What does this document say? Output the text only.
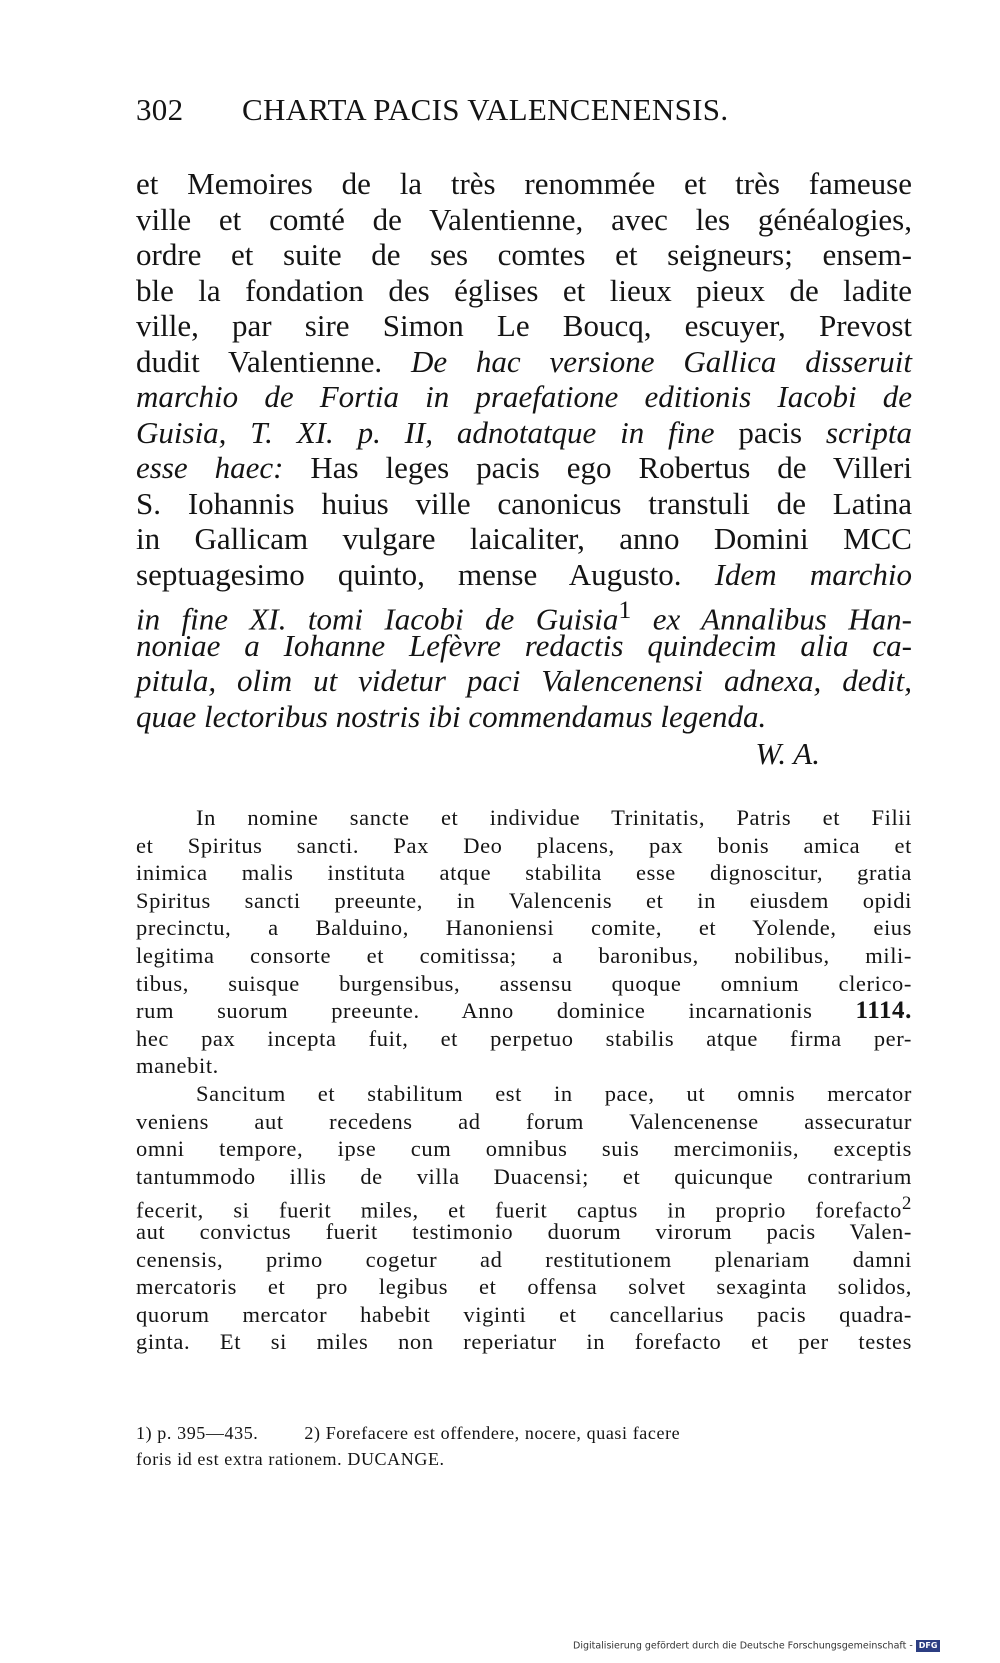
302 CHARTA PACIS VALENCENENSIS.
et Memoires de la très renommée et très fameuse
ville et comté de Valentienne, avec les généalogies,
ordre et suite de ses comtes et seigneurs; ensem-
ble la fondation des églises et lieux pieux de ladite
ville, par sire Simon Le Boucq, escuyer, Prevost
dudit Valentienne. De hac versione Gallica disseruit
marchio de Fortia in praefatione editionis Iacobi de
Guisia, T. XI. p. II, adnotatque in fine pacis scripta
esse haec: Has leges pacis ego Robertus de Villeri
S. Iohannis huius ville canonicus transtuli de Latina
in Gallicam vulgare laicaliter, anno Domini MCC
septuagesimo quinto, mense Augusto. Idem marchio
in fine XI. tomi Iacobi de Guisia$^1$ ex Annalibus Han-
noniae a Iohanne Lefèvre redactis quindecim alia ca-
pitula, olim ut videtur paci Valencenensi adnexa, dedit,
quae lectoribus nostris ibi commendamus legenda.
W. A.
In nomine sancte et individue Trinitatis, Patris et Filii
et Spiritus sancti. Pax Deo placens, pax bonis amica et
inimica malis instituta atque stabilita esse dignoscitur, gratia
Spiritus sancti preeunte, in Valencenis et in eiusdem opidi
precinctu, a Balduino, Hanoniensi comite, et Yolende, eius
legitima consorte et comitissa; a baronibus, nobilibus, mili-
tibus, suisque burgensibus, assensu quoque omnium clerico-
rum suorum preeunte. Anno dominice incarnationis 1114.
hec pax incepta fuit, et perpetuo stabilis atque firma per-
manebit.
Sancitum et stabilitum est in pace, ut omnis mercator
veniens aut recedens ad forum Valencenense assecuratur
omni tempore, ipse cum omnibus suis mercimoniis, exceptis
tantummodo illis de villa Duacensi; et quicunque contrarium
fecerit, si fuerit miles, et fuerit captus in proprio forefacto$^2$
aut convictus fuerit testimonio duorum virorum pacis Valen-
cenensis, primo cogetur ad restitutionem plenariam damni
mercatoris et pro legibus et offensa solvet sexaginta solidos,
quorum mercator habebit viginti et cancellarius pacis quadra-
ginta. Et si miles non reperiatur in forefacto et per testes
1) p. 395—435.	2) Forefacere est offendere, nocere, quasi facere
foris id est extra rationem. DUCANGE.
Digitalisierung gefördert durch die Deutsche Forschungsgemeinschaft - DFG
